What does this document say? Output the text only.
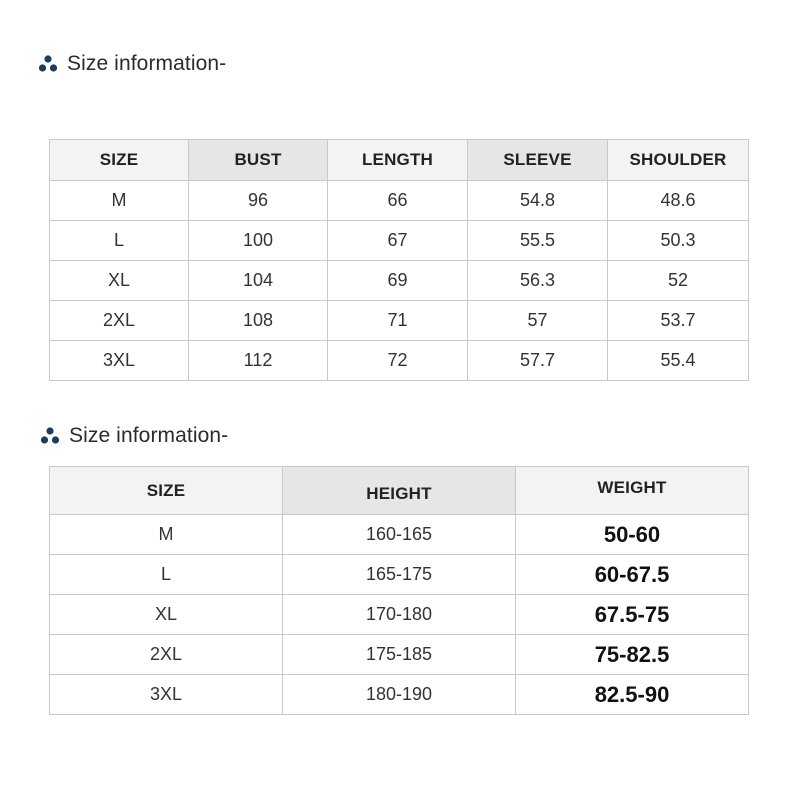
Size information-
SIZE	BUST	LENGTH	SLEEVE	SHOULDER
M	96	66	54.8	48.6
L	100	67	55.5	50.3
XL	104	69	56.3	52
2XL	108	71	57	53.7
3XL	112	72	57.7	55.4
Size information-
SIZE	HEIGHT	WEIGHT
M	160-165	50-60
L	165-175	60-67.5
XL	170-180	67.5-75
2XL	175-185	75-82.5
3XL	180-190	82.5-90
